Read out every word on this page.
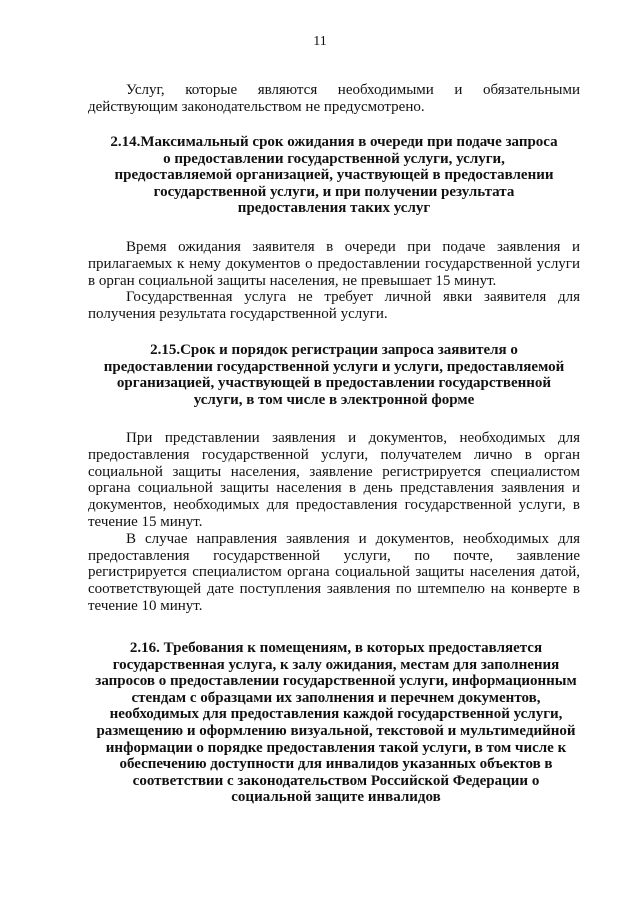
11

Услуг, которые являются необходимыми и обязательными действующим законодательством не предусмотрено.

2.14.Максимальный срок ожидания в очереди при подаче запроса о предоставлении государственной услуги, услуги, предоставляемой организацией, участвующей в предоставлении государственной услуги, и при получении результата предоставления таких услуг

Время ожидания заявителя в очереди при подаче заявления и прилагаемых к нему документов о предоставлении государственной услуги в орган социальной защиты населения, не превышает 15 минут.

Государственная услуга не требует личной явки заявителя для получения результата государственной услуги.

2.15.Срок и порядок регистрации запроса заявителя о предоставлении государственной услуги и услуги, предоставляемой организацией, участвующей в предоставлении государственной услуги, в том числе в электронной форме

При представлении заявления и документов, необходимых для предоставления государственной услуги, получателем лично в орган социальной защиты населения, заявление регистрируется специалистом органа социальной защиты населения в день представления заявления и документов, необходимых для предоставления государственной услуги, в течение 15 минут.

В случае направления заявления и документов, необходимых для предоставления государственной услуги, по почте, заявление регистрируется специалистом органа социальной защиты населения датой, соответствующей дате поступления заявления по штемпелю на конверте в течение 10 минут.

2.16. Требования к помещениям, в которых предоставляется государственная услуга, к залу ожидания, местам для заполнения запросов о предоставлении государственной услуги, информационным стендам с образцами их заполнения и перечнем документов, необходимых для предоставления каждой государственной услуги, размещению и оформлению визуальной, текстовой и мультимедийной информации о порядке предоставления такой услуги, в том числе к обеспечению доступности для инвалидов указанных объектов в соответствии с законодательством Российской Федерации о социальной защите инвалидов
